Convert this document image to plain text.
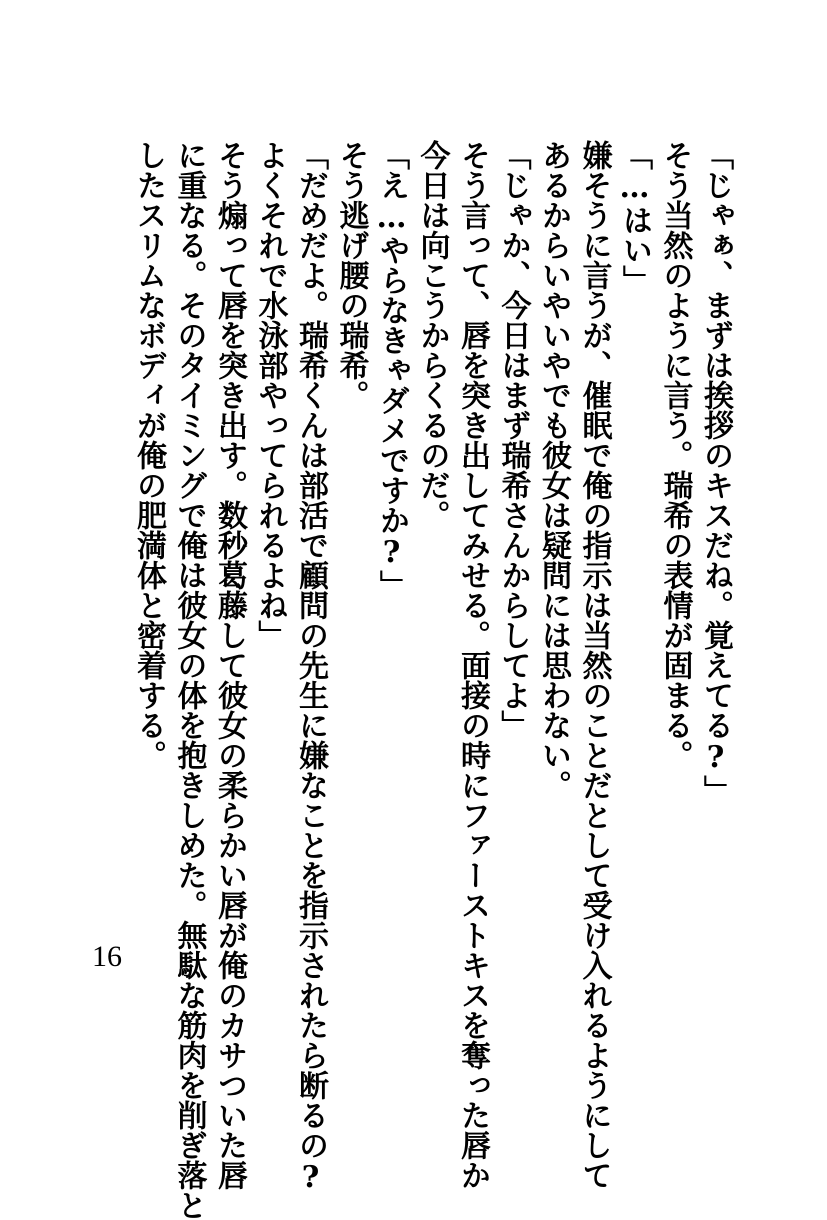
「じゃぁ、まずは挨拶のキスだね。覚えてる?」
そう当然のように言う。瑞希の表情が固まる。
「…はい」
嫌そうに言うが、催眠で俺の指示は当然のことだとして受け入れるようにして
あるからいやいやでも彼女は疑問には思わない。
「じゃか、今日はまず瑞希さんからしてよ」
そう言って、唇を突き出してみせる。面接の時にファーストキスを奪った唇か
今日は向こうからくるのだ。
「え…やらなきゃダメですか?」
そう逃げ腰の瑞希。
「だめだよ。瑞希くんは部活で顧問の先生に嫌なことを指示されたら断るの?
よくそれで水泳部やってられるよね」
そう煽って唇を突き出す。数秒葛藤して彼女の柔らかい唇が俺のカサついた唇
に重なる。そのタイミングで俺は彼女の体を抱きしめた。無駄な筋肉を削ぎ落と
したスリムなボディが俺の肥満体と密着する。
16
